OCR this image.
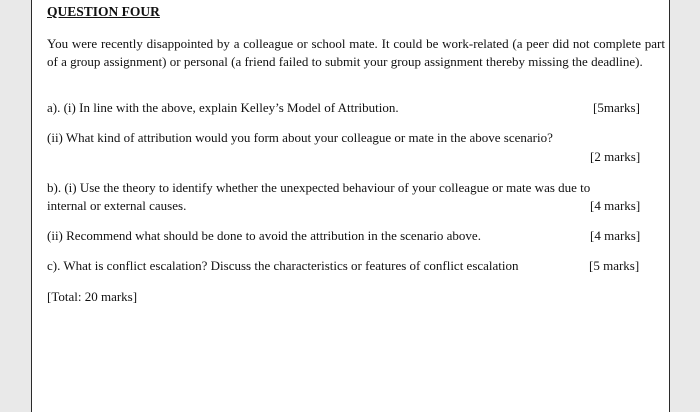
QUESTION FOUR
You were recently disappointed by a colleague or school mate. It could be work-related (a peer did not complete part of a group assignment) or personal (a friend failed to submit your group assignment thereby missing the deadline).
a). (i) In line with the above, explain Kelley’s Model of Attribution.	[5marks]
(ii) What kind of attribution would you form about your colleague or mate in the above scenario?
[2 marks]
b). (i) Use the theory to identify whether the unexpected behaviour of your colleague or mate was due to
internal or external causes.	[4 marks]
(ii) Recommend what should be done to avoid the attribution in the scenario above.	[4 marks]
c). What is conflict escalation? Discuss the characteristics or features of conflict escalation	[5 marks]
[Total: 20 marks]
